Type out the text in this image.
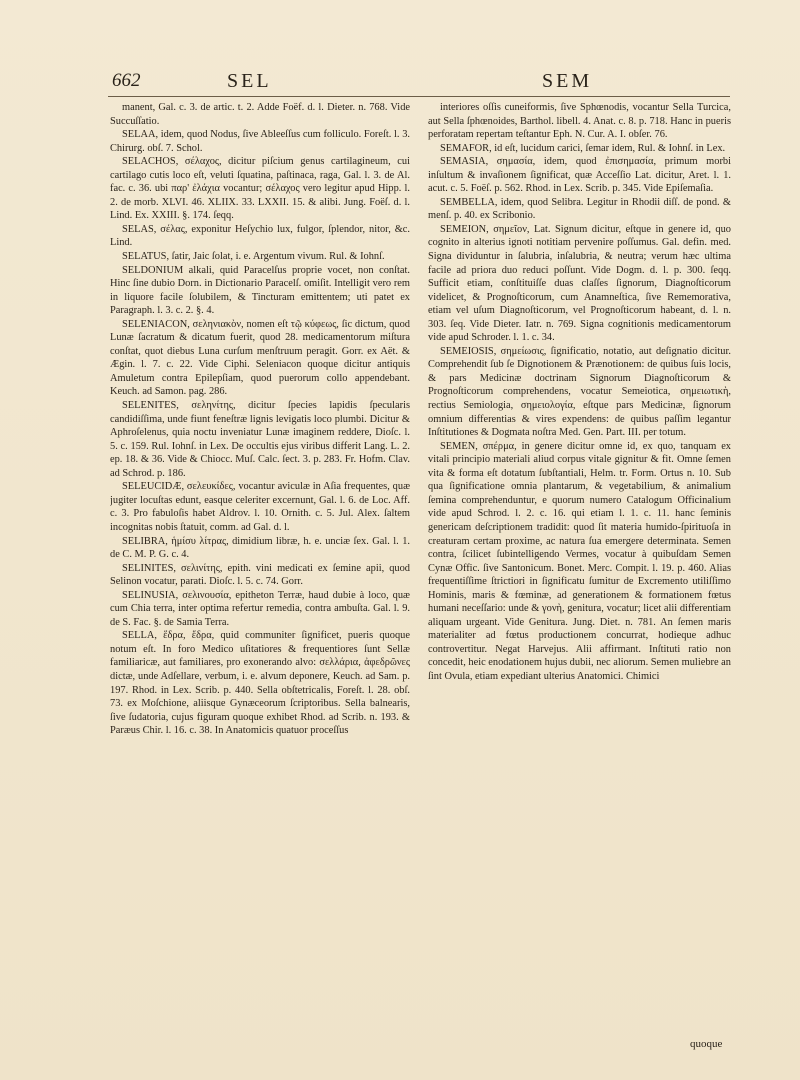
662	SEL	SEM

manent, Gal. c. 3. de artic. t. 2. Adde Foëf. d. l. Dieter. n. 768. Vide Succuſſatio.

SELAA, idem, quod Nodus, ſive Ableeſſus cum folliculo. Foreſt. l. 3. Chirurg. obſ. 7. Schol.

SELACHOS, σέλαχος, dicitur piſcium genus cartilagineum, cui cartilago cutis loco eſt, veluti ſquatina, paſtinaca, raga, Gal. l. 3. de Al. fac. c. 36. ubi παρ' ἐλάχια vocantur; σέλαχος vero legitur apud Hipp. l. 2. de morb. XLVI. 46. XLIIX. 33. LXXII. 15. & alibi. Jung. Foëſ. d. l. Lind. Ex. XXIII. §. 174. ſeqq.

SELAS, σέλας, exponitur Heſychio lux, fulgor, ſplendor, nitor, &c. Lind.

SELATUS, ſatir, Jaic ſolat, i. e. Argentum vivum. Rul. & Iohnſ.

SELDONIUM alkali, quid Paracelſus proprie vocet, non conſtat. Hinc ſine dubio Dorn. in Dictionario Paracelſ. omiſit. Intelligit vero rem in liquore facile ſolubilem, & Tincturam emittentem; uti patet ex Paragraph. l. 3. c. 2. §. 4.

SELENIACON, σεληνιακὸν, nomen eſt τῷ κύφεως, ſic dictum, quod Lunæ ſacratum & dicatum fuerit, quod 28. medicamentorum miſtura conſtat, quot diebus Luna curſum menſtruum peragit. Gorr. ex Aët. & Ægin. l. 7. c. 22. Vide Ciphi. Seleniacon quoque dicitur antiquis Amuletum contra Epilepſiam, quod puerorum collo appendebant. Keuch. ad Samon. pag. 286.

SELENITES, σεληνίτης, dicitur ſpecies lapidis ſpecularis candidiſſima, unde fiunt feneſtræ lignis levigatis loco plumbi. Dicitur & Aphroſelenus, quia noctu inveniatur Lunæ imaginem reddere, Dioſc. l. 5. c. 159. Rul. Iohnſ. in Lex. De occultis ejus viribus differit Lang. L. 2. ep. 18. & 36. Vide & Chiocc. Muſ. Calc. ſect. 3. p. 283. Fr. Hofm. Clav. ad Schrod. p. 186.

SELEUCIDÆ, σελευκίδες, vocantur aviculæ in Aſia frequentes, quæ jugiter locuſtas edunt, easque celeriter excernunt, Gal. l. 6. de Loc. Aff. c. 3. Pro fabuloſis habet Aldrov. l. 10. Ornith. c. 5. Jul. Alex. ſaltem incognitas nobis ſtatuit, comm. ad Gal. d. l.

SELIBRA, ἡμίσυ λίτρας, dimidium libræ, h. e. unciæ ſex. Gal. l. 1. de C. M. P. G. c. 4.

SELINITES, σελινίτης, epith. vini medicati ex ſemine apii, quod Selinon vocatur, parati. Dioſc. l. 5. c. 74. Gorr.

SELINUSIA, σελινουσία, epitheton Terræ, haud dubie à loco, quæ cum Chia terra, inter optima refertur remedia, contra ambuſta. Gal. l. 9. de S. Fac. §. de Samia Terra.

SELLA, ἕδρα, ἕδρα, quid communiter ſignificet, pueris quoque notum eſt. In foro Medico uſitatiores & frequentiores ſunt Sellæ familiaricæ, aut familiares, pro exonerando alvo: σελλάρια, ἀφεδρῶνες dictæ, unde Adſellare, verbum, i. e. alvum deponere, Keuch. ad Sam. p. 197. Rhod. in Lex. Scrib. p. 440. Sella obſtetricalis, Foreſt. l. 28. obſ. 73. ex Moſchione, aliisque Gynæceorum ſcriptoribus. Sella balnearis, ſive ſudatoria, cujus figuram quoque exhibet Rhod. ad Scrib. n. 193. & Paræus Chir. l. 16. c. 38. In Anatomicis quatuor proceſſus

interiores oſſis cuneiformis, ſive Sphœnodis, vocantur Sella Turcica, aut Sella ſphœnoides, Barthol. libell. 4. Anat. c. 8. p. 718. Hanc in pueris perforatam repertam teſtantur Eph. N. Cur. A. I. obſer. 76.

SEMAFOR, id eſt, lucidum carici, ſemar idem, Rul. & Iohnſ. in Lex.

SEMASIA, σημασία, idem, quod ἐπισημασία, primum morbi inſultum & invaſionem ſignificat, quæ Acceſſio Lat. dicitur, Aret. l. 1. acut. c. 5. Foëſ. p. 562. Rhod. in Lex. Scrib. p. 345. Vide Epiſemaſia.

SEMBELLA, idem, quod Selibra. Legitur in Rhodii diſſ. de pond. & menſ. p. 40. ex Scribonio.

SEMEION, σημεῖον, Lat. Signum dicitur, eſtque in genere id, quo cognito in alterius ignoti notitiam pervenire poſſumus. Gal. defin. med. Signa dividuntur in ſalubria, inſalubria, & neutra; verum hæc ultima facile ad priora duo reduci poſſunt. Vide Dogm. d. l. p. 300. ſeqq. Sufficit etiam, conſtituiſſe duas claſſes ſignorum, Diagnoſticorum videlicet, & Prognoſticorum, cum Anamneſtica, ſive Rememorativa, etiam vel uſum Diagnoſticorum, vel Prognoſticorum habeant, d. l. n. 303. ſeq. Vide Dieter. Iatr. n. 769. Signa cognitionis medicamentorum vide apud Schroder. l. 1. c. 34.

SEMEIOSIS, σημείωσις, ſignificatio, notatio, aut deſignatio dicitur. Comprehendit ſub ſe Dignotionem & Prænotionem: de quibus ſuis locis, & pars Medicinæ doctrinam Signorum Diagnoſticorum & Prognoſticorum comprehendens, vocatur Semeiotica, σημειωτικὴ, rectius Semiologia, σημειολογία, eſtque pars Medicinæ, ſignorum omnium differentias & vires expendens: de quibus paſſim legantur Inſtitutiones & Dogmata noſtra Med. Gen. Part. III. per totum.

SEMEN, σπέρμα, in genere dicitur omne id, ex quo, tanquam ex vitali principio materiali aliud corpus vitale gignitur & fit. Omne ſemen vita & forma eſt dotatum ſubſtantiali, Helm. tr. Form. Ortus n. 10. Sub qua ſignificatione omnia plantarum, & vegetabilium, & animalium ſemina comprehenduntur, e quorum numero Catalogum Officinalium vide apud Schrod. l. 2. c. 16. qui etiam l. 1. c. 11. hanc ſeminis genericam deſcriptionem tradidit: quod ſit materia humido-ſpirituoſa in creaturam certam proxime, ac natura ſua emergere determinata. Semen contra, ſcilicet ſubintelligendo Vermes, vocatur à quibuſdam Semen Cynæ Offic. ſive Santonicum. Bonet. Merc. Compit. l. 19. p. 460. Alias frequentiſſime ſtrictiori in ſignificatu ſumitur de Excrementο utiliſſimo Hominis, maris & fœminæ, ad generationem & formationem fœtus humani neceſſario: unde & γονὴ, genitura, vocatur; licet alii differentiam aliquam urgeant. Vide Genitura. Jung. Diet. n. 781. An ſemen maris materialiter ad fœtus productionem concurrat, hodieque adhuc controvertitur. Negat Harvejus. Alii affirmant. Inſtituti ratio non concedit, heic enodationem hujus dubii, nec aliorum. Semen muliebre an ſint Ovula, etiam expediant ulterius Anatomici. Chimici

quoque
